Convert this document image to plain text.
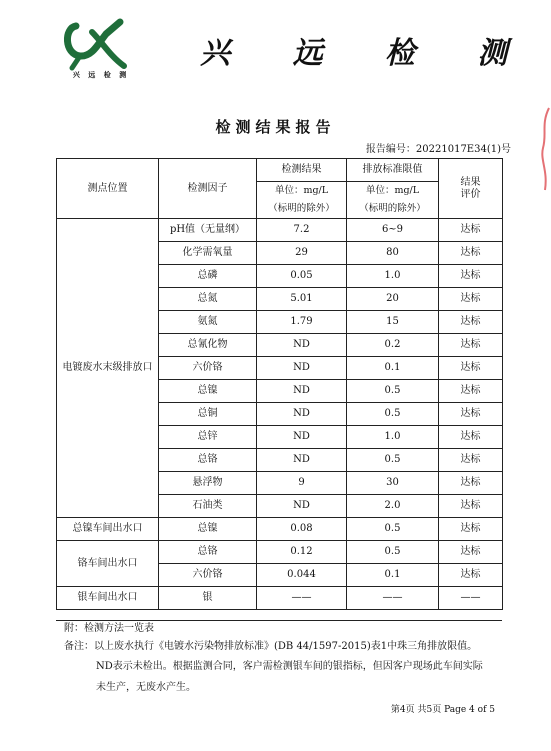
兴 远 检 测
兴 远 检 测
检测结果报告
报告编号：20221017E34(1)号
测点位置	检测因子	检测结果	排放标准限值	结果
评价
		单位：mg/L	单位：mg/L	
		（标明的除外）	（标明的除外）	
电镀废水末级排放口	pH值（无量纲）	7.2	6~9	达标
	化学需氧量	29	80	达标
	总磷	0.05	1.0	达标
	总氮	5.01	20	达标
	氨氮	1.79	15	达标
	总氰化物	ND	0.2	达标
	六价铬	ND	0.1	达标
	总镍	ND	0.5	达标
	总铜	ND	0.5	达标
	总锌	ND	1.0	达标
	总铬	ND	0.5	达标
	悬浮物	9	30	达标
	石油类	ND	2.0	达标
总镍车间出水口	总镍	0.08	0.5	达标
铬车间出水口	总铬	0.12	0.5	达标
	六价铬	0.044	0.1	达标
银车间出水口	银	——	——	——
附：检测方法一览表
备注：以上废水执行《电镀水污染物排放标准》(DB 44/1597-2015)表1中珠三角排放限值。
ND表示未检出。根据监测合同，客户需检测银车间的银指标，但因客户现场此车间实际
未生产，无废水产生。
第4页 共5页 Page 4 of 5
